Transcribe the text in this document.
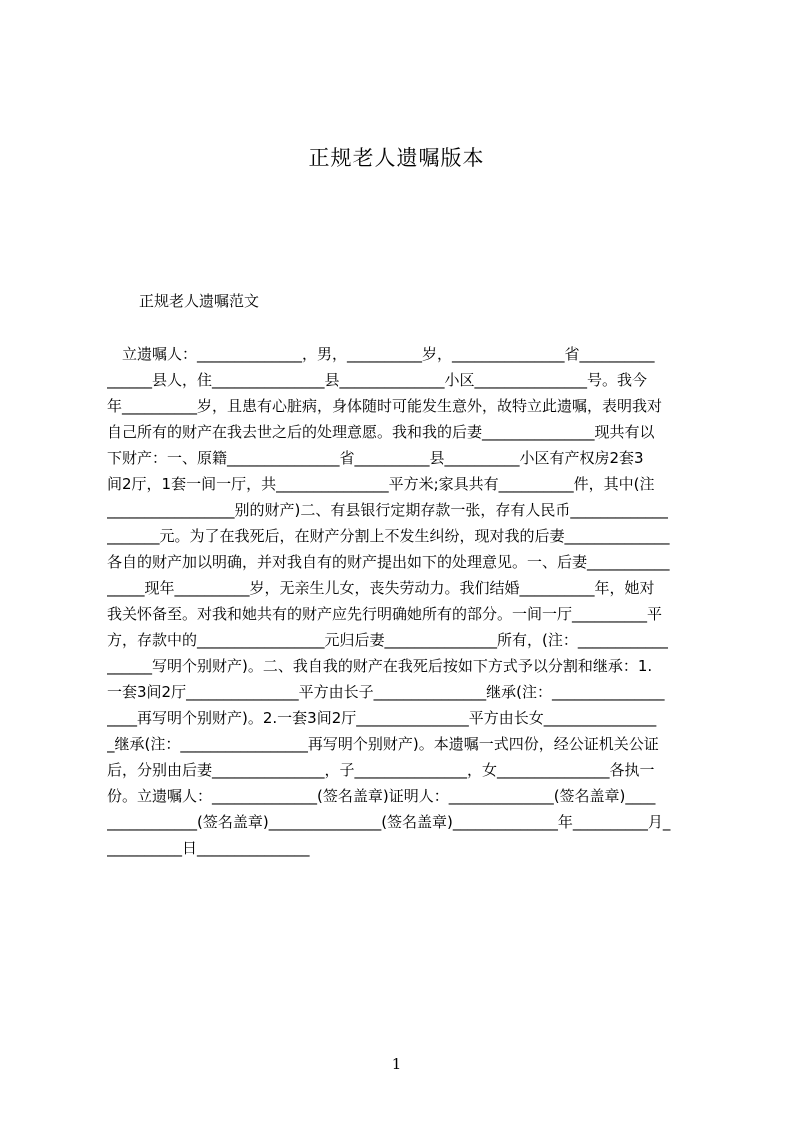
正规老人遗嘱版本
正规老人遗嘱范文
　立遗嘱人：______________，男，__________岁，_______________省__________
______县人，住_______________县______________小区_______________号。我今
年__________岁，且患有心脏病，身体随时可能发生意外，故特立此遗嘱，表明我对
自己所有的财产在我去世之后的处理意愿。我和我的后妻_______________现共有以
下财产：一、原籍_______________省__________县__________小区有产权房2套3
间2厅，1套一间一厅，共_______________平方米;家具共有__________件，其中(注
_________________别的财产)二、有县银行定期存款一张，存有人民币_____________
_______元。为了在我死后，在财产分割上不发生纠纷，现对我的后妻______________
各自的财产加以明确，并对我自有的财产提出如下的处理意见。一、后妻___________
_____现年__________岁，无亲生儿女，丧失劳动力。我们结婚__________年，她对
我关怀备至。对我和她共有的财产应先行明确她所有的部分。一间一厅__________平
方，存款中的_________________元归后妻_______________所有，(注：____________
______写明个别财产)。二、我自我的财产在我死后按如下方式予以分割和继承：1.
一套3间2厅_______________平方由长子_______________继承(注：_______________
____再写明个别财产)。2.一套3间2厅_______________平方由长女_______________
_继承(注：_________________再写明个别财产)。本遗嘱一式四份，经公证机关公证
后，分别由后妻_______________，子_______________，女_______________各执一
份。立遗嘱人：______________(签名盖章)证明人：______________(签名盖章)____
____________(签名盖章)_______________(签名盖章)______________年__________月_
__________日_______________
1
